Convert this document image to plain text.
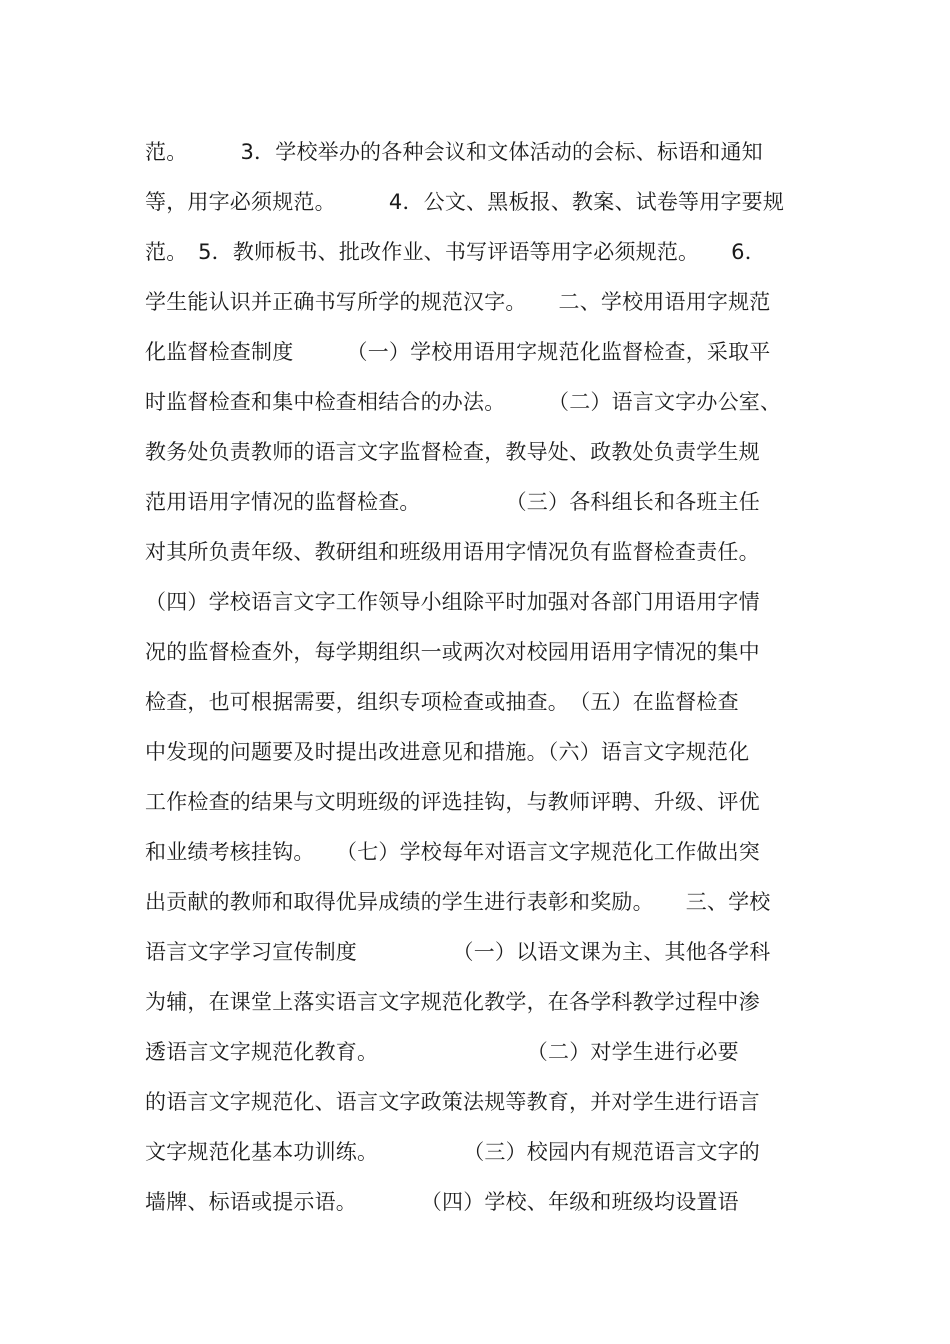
范。　　　3．学校举办的各种会议和文体活动的会标、标语和通知
等，用字必须规范。　　　4．公文、黑板报、教案、试卷等用字要规
范。　5．教师板书、批改作业、书写评语等用字必须规范。　　6．
学生能认识并正确书写所学的规范汉字。　　二、学校用语用字规范
化监督检查制度　　　（一）学校用语用字规范化监督检查，采取平
时监督检查和集中检查相结合的办法。　　　（二）语言文字办公室、
教务处负责教师的语言文字监督检查，教导处、政教处负责学生规
范用语用字情况的监督检查。　　　　　（三）各科组长和各班主任
对其所负责年级、教研组和班级用语用字情况负有监督检查责任。
（四）学校语言文字工作领导小组除平时加强对各部门用语用字情
况的监督检查外，每学期组织一或两次对校园用语用字情况的集中
检查，也可根据需要，组织专项检查或抽查。　（五）在监督检查
中发现的问题要及时提出改进意见和措施。（六）语言文字规范化
工作检查的结果与文明班级的评选挂钩，与教师评聘、升级、评优
和业绩考核挂钩。　　（七）学校每年对语言文字规范化工作做出突
出贡献的教师和取得优异成绩的学生进行表彰和奖励。　　三、学校
语言文字学习宣传制度　　　　　（一）以语文课为主、其他各学科
为辅，在课堂上落实语言文字规范化教学，在各学科教学过程中渗
透语言文字规范化教育。　　　　　　　　（二）对学生进行必要
的语言文字规范化、语言文字政策法规等教育，并对学生进行语言
文字规范化基本功训练。　　　　　（三）校园内有规范语言文字的
墙牌、标语或提示语。　　　　（四）学校、年级和班级均设置语
